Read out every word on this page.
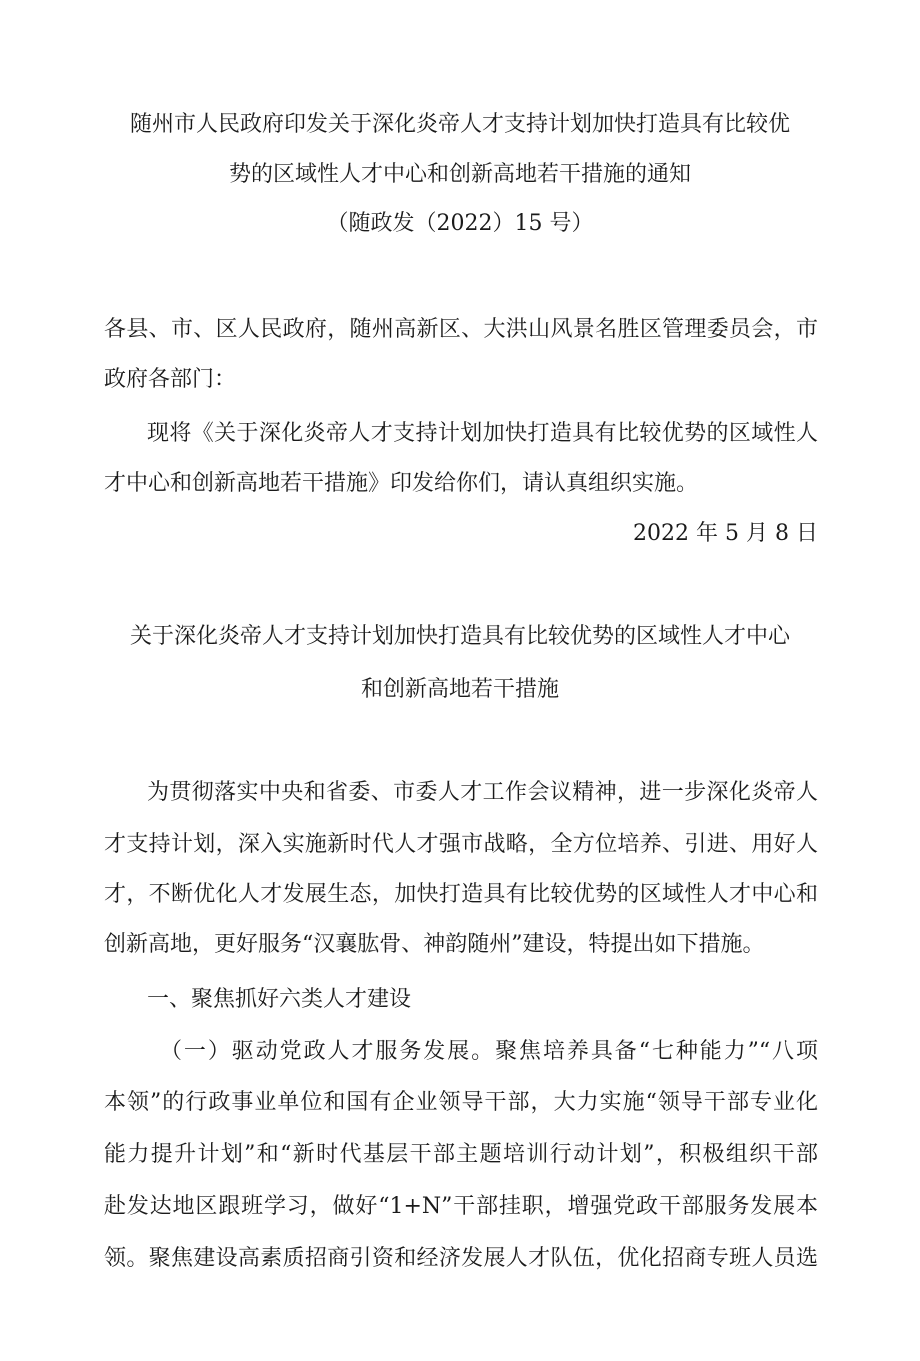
随州市人民政府印发关于深化炎帝人才支持计划加快打造具有比较优

势的区域性人才中心和创新高地若干措施的通知

（随政发（2022）15 号）

各县、市、区人民政府，随州高新区、大洪山风景名胜区管理委员会，市

政府各部门：

现将《关于深化炎帝人才支持计划加快打造具有比较优势的区域性人

才中心和创新高地若干措施》印发给你们，请认真组织实施。

2022 年 5 月 8 日

关于深化炎帝人才支持计划加快打造具有比较优势的区域性人才中心

和创新高地若干措施

为贯彻落实中央和省委、市委人才工作会议精神，进一步深化炎帝人

才支持计划，深入实施新时代人才强市战略，全方位培养、引进、用好人

才，不断优化人才发展生态，加快打造具有比较优势的区域性人才中心和

创新高地，更好服务“汉襄肱骨、神韵随州”建设，特提出如下措施。

一、聚焦抓好六类人才建设

（一）驱动党政人才服务发展。聚焦培养具备“七种能力”“八项

本领”的行政事业单位和国有企业领导干部，大力实施“领导干部专业化

能力提升计划”和“新时代基层干部主题培训行动计划”，积极组织干部

赴发达地区跟班学习，做好“1+N”干部挂职，增强党政干部服务发展本

领。聚焦建设高素质招商引资和经济发展人才队伍，优化招商专班人员选
